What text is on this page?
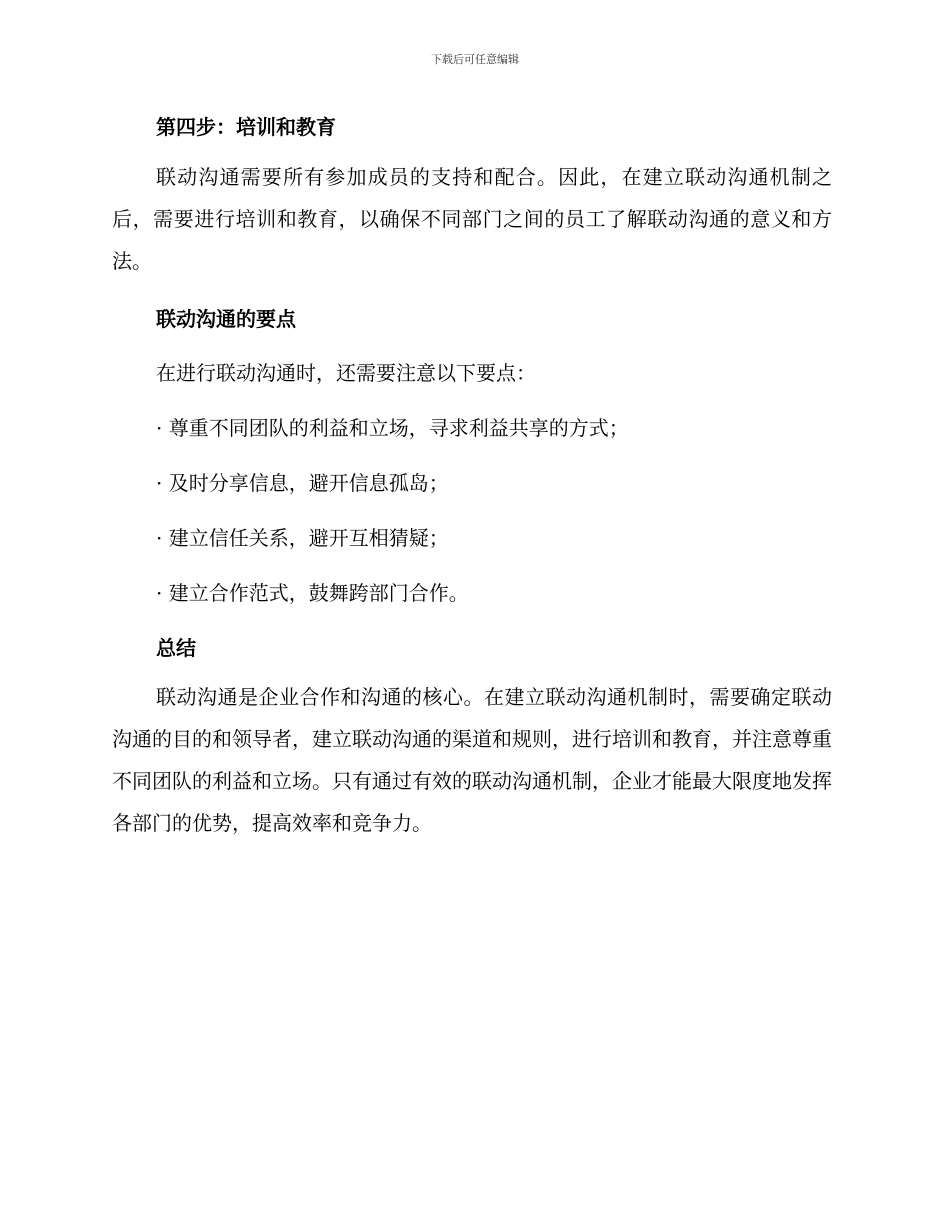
下载后可任意编辑
第四步：培训和教育

联动沟通需要所有参加成员的支持和配合。因此，在建立联动沟通机制之后，需要进行培训和教育，以确保不同部门之间的员工了解联动沟通的意义和方法。

联动沟通的要点
在进行联动沟通时，还需要注意以下要点：
· 尊重不同团队的利益和立场，寻求利益共享的方式；
· 及时分享信息，避开信息孤岛；
· 建立信任关系，避开互相猜疑；
· 建立合作范式，鼓舞跨部门合作。
总结

联动沟通是企业合作和沟通的核心。在建立联动沟通机制时，需要确定联动沟通的目的和领导者，建立联动沟通的渠道和规则，进行培训和教育，并注意尊重不同团队的利益和立场。只有通过有效的联动沟通机制，企业才能最大限度地发挥各部门的优势，提高效率和竞争力。
